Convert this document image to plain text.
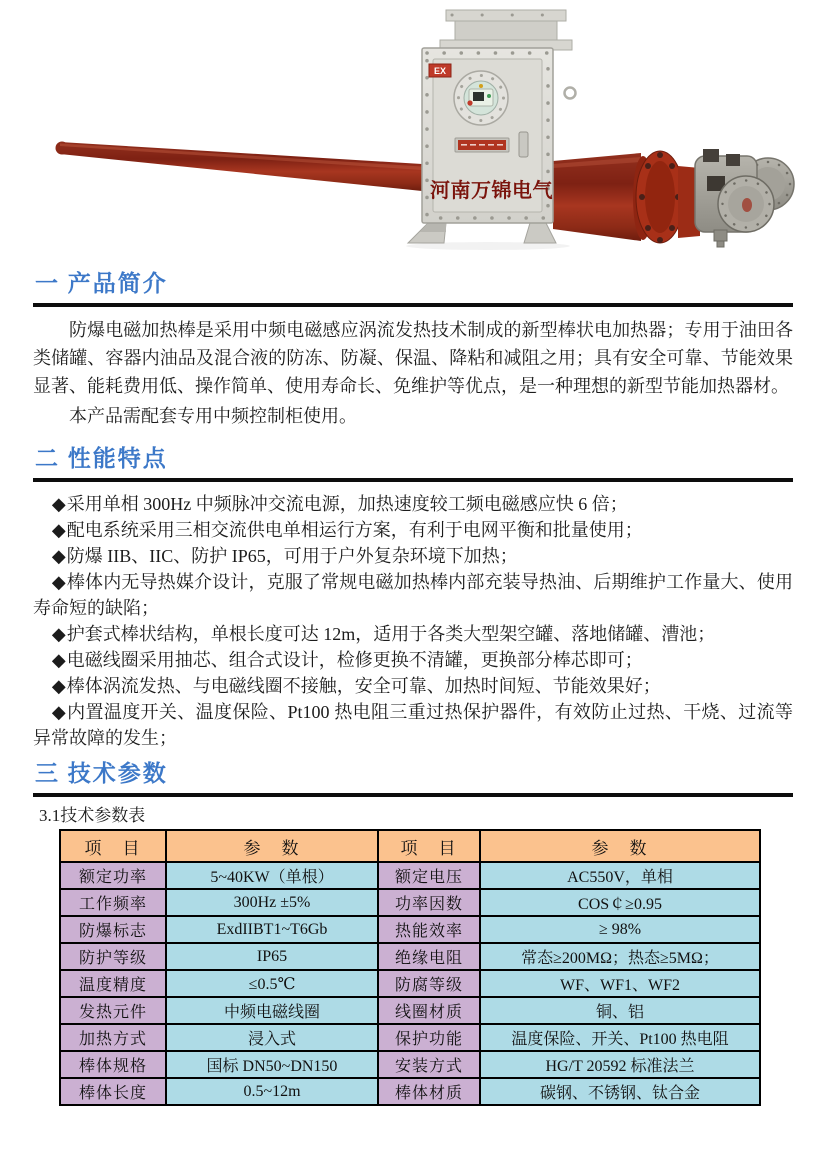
EX
河南万锦电气
一 产品简介

防爆电磁加热棒是采用中频电磁感应涡流发热技术制成的新型棒状电加热器；专用于油田各类储罐、容器内油品及混合液的防冻、防凝、保温、降粘和减阻之用；具有安全可靠、节能效果显著、能耗费用低、操作简单、使用寿命长、免维护等优点，是一种理想的新型节能加热器材。

本产品需配套专用中频控制柜使用。

二 性能特点

◆采用单相 300Hz 中频脉冲交流电源，加热速度较工频电磁感应快 6 倍；

◆配电系统采用三相交流供电单相运行方案，有利于电网平衡和批量使用；

◆防爆 IIB、IIC、防护 IP65，可用于户外复杂环境下加热；

◆棒体内无导热媒介设计，克服了常规电磁加热棒内部充装导热油、后期维护工作量大、使用寿命短的缺陷；

◆护套式棒状结构，单根长度可达 12m，适用于各类大型架空罐、落地储罐、漕池；

◆电磁线圈采用抽芯、组合式设计，检修更换不清罐，更换部分棒芯即可；

◆棒体涡流发热、与电磁线圈不接触，安全可靠、加热时间短、节能效果好；

◆内置温度开关、温度保险、Pt100 热电阻三重过热保护器件，有效防止过热、干烧、过流等异常故障的发生；

三 技术参数

3.1技术参数表

项　目	参　数	项　目	参　数
额定功率	5~40KW（单根）	额定电压	AC550V，单相
工作频率	300Hz ±5%	功率因数	COS￠≥0.95
防爆标志	ExdIIBT1~T6Gb	热能效率	≥ 98%
防护等级	IP65	绝缘电阻	常态≥200MΩ；热态≥5MΩ；
温度精度	≤0.5℃	防腐等级	WF、WF1、WF2
发热元件	中频电磁线圈	线圈材质	铜、铝
加热方式	浸入式	保护功能	温度保险、开关、Pt100 热电阻
棒体规格	国标 DN50~DN150	安装方式	HG/T 20592 标准法兰
棒体长度	0.5~12m	棒体材质	碳钢、不锈钢、钛合金
